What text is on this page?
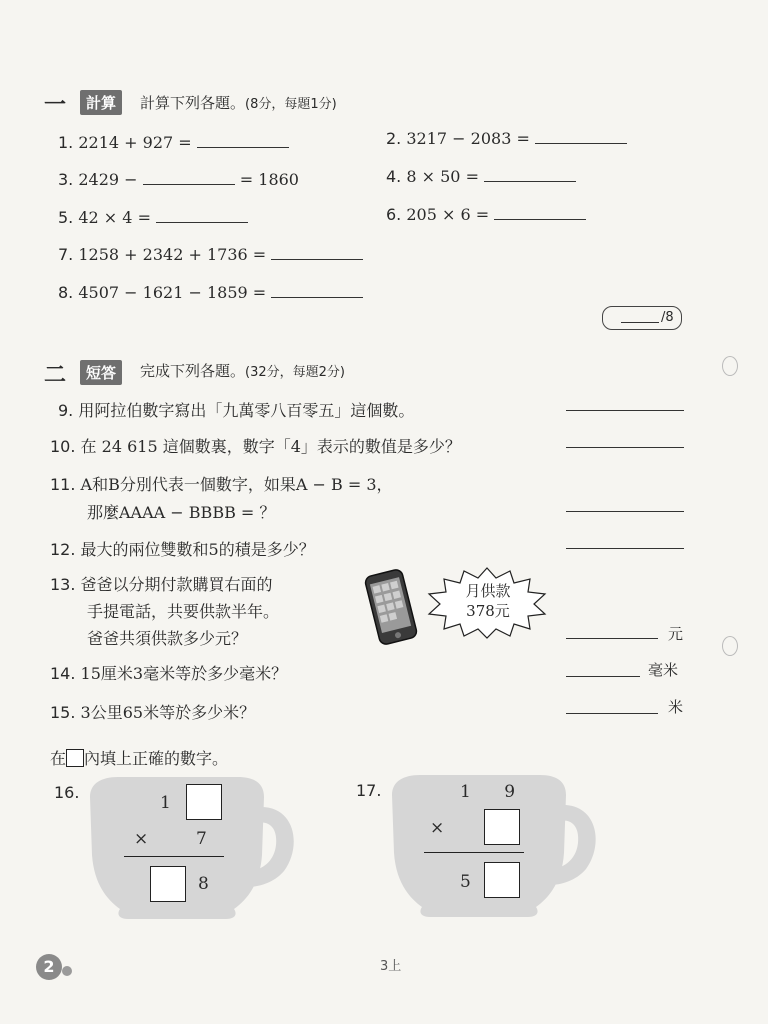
一	計算	計算下列各題。(8分，每題1分)
1. 2214 + 927 =	2. 3217 − 2083 =
3. 2429 −	= 1860	4. 8 × 50 =
5. 42 × 4 =	6. 205 × 6 =
7. 1258 + 2342 + 1736 =
8. 4507 − 1621 − 1859 =
/8
二	短答	完成下列各題。(32分，每題2分)
9. 用阿拉伯數字寫出「九萬零八百零五」這個數。
10. 在 24 615 這個數裏，數字「4」表示的數值是多少？
11. A和B分別代表一個數字，如果A − B = 3，
那麼AAAA − BBBB = ？
12. 最大的兩位雙數和5的積是多少？
13. 爸爸以分期付款購買右面的
手提電話，共要供款半年。
爸爸共須供款多少元？	元
月供款
378元
14. 15厘米3毫米等於多少毫米？	毫米
15. 3公里65米等於多少米？	米
在 內填上正確的數字。
16.
1
×	7
8
17.	1 9
×
5
2	3上
